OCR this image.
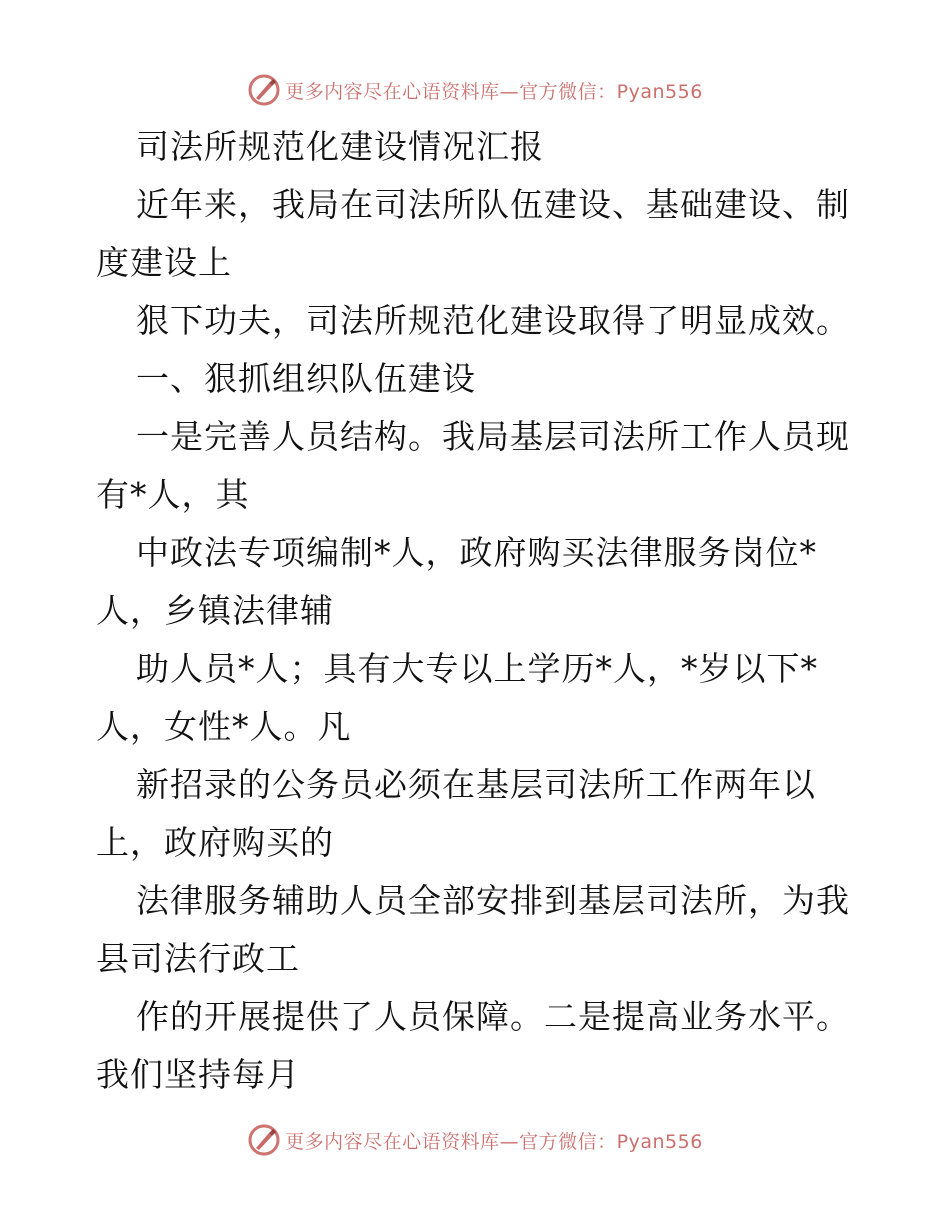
更多内容尽在心语资料库—官方微信：Pyan556
司法所规范化建设情况汇报
近年来，我局在司法所队伍建设、基础建设、制
度建设上
狠下功夫，司法所规范化建设取得了明显成效。
一、狠抓组织队伍建设
一是完善人员结构。我局基层司法所工作人员现
有*人，其
中政法专项编制*人，政府购买法律服务岗位*
人，乡镇法律辅
助人员*人；具有大专以上学历*人，*岁以下*
人，女性*人。凡
新招录的公务员必须在基层司法所工作两年以
上，政府购买的
法律服务辅助人员全部安排到基层司法所，为我
县司法行政工
作的开展提供了人员保障。二是提高业务水平。
我们坚持每月
更多内容尽在心语资料库—官方微信：Pyan556
